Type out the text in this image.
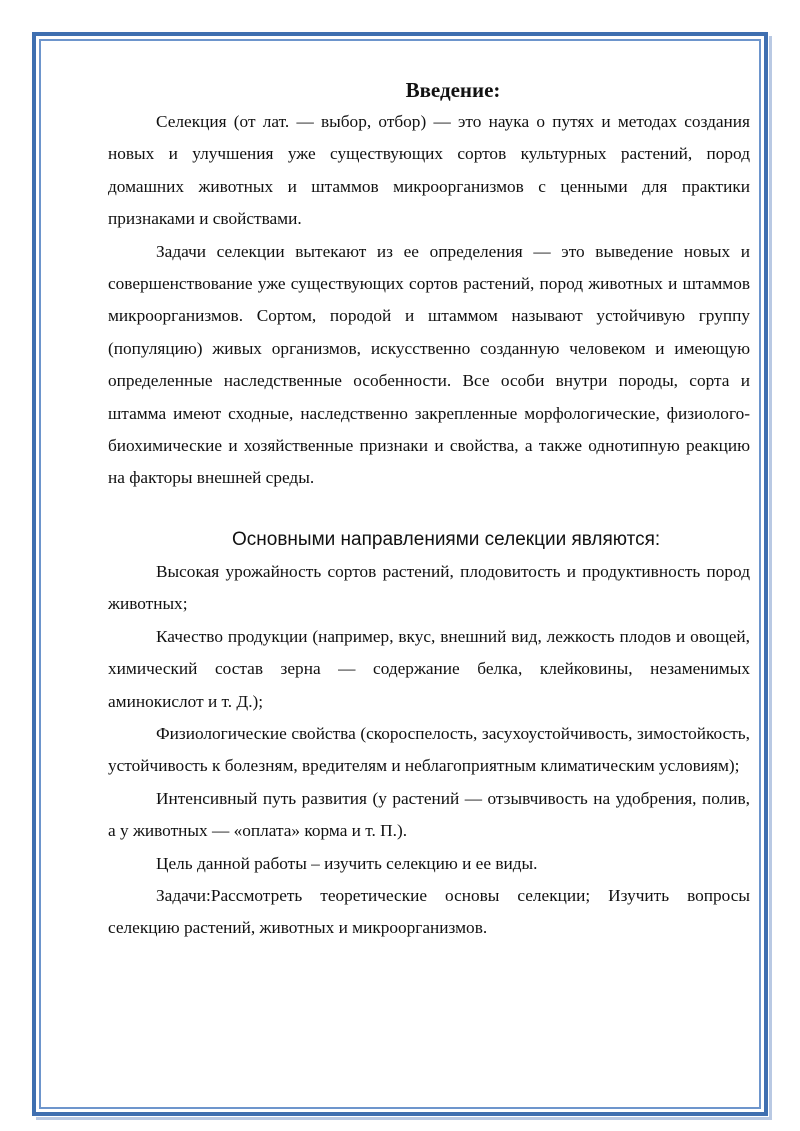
Введение:

Селекция (от лат. — выбор, отбор) — это наука о путях и методах создания новых и улучшения уже существующих сортов культурных растений, пород домашних животных и штаммов микроорганизмов с ценными для практики признаками и свойствами.

Задачи селекции вытекают из ее определения — это выведение новых и совершенствование уже существующих сортов растений, пород животных и штаммов микроорганизмов. Сортом, породой и штаммом называют устойчивую группу (популяцию) живых организмов, искусственно созданную человеком и имеющую определенные наследственные особенности. Все особи внутри породы, сорта и штамма имеют сходные, наследственно закрепленные морфологические, физиолого-биохимические и хозяйственные признаки и свойства, а также однотипную реакцию на факторы внешней среды.

Основными направлениями селекции являются:

Высокая урожайность сортов растений, плодовитость и продуктивность пород животных;

Качество продукции (например, вкус, внешний вид, лежкость плодов и овощей, химический состав зерна — содержание белка, клейковины, незаменимых аминокислот и т. Д.);

Физиологические свойства (скороспелость, засухоустойчивость, зимостойкость, устойчивость к болезням, вредителям и неблагоприятным климатическим условиям);

Интенсивный путь развития (у растений — отзывчивость на удобрения, полив, а у животных — «оплата» корма и т. П.).

Цель данной работы – изучить селекцию и ее виды.

Задачи:Рассмотреть теоретические основы селекции; Изучить вопросы селекцию растений, животных и микроорганизмов.
